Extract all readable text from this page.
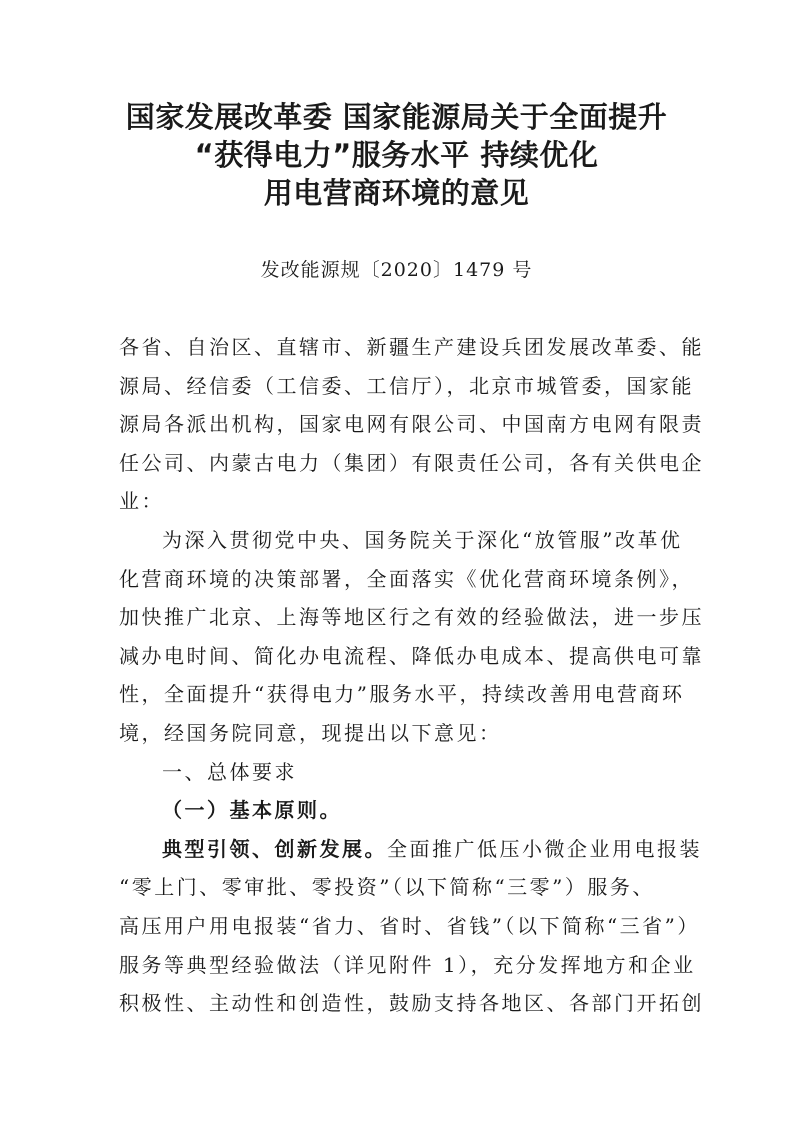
国家发展改革委 国家能源局关于全面提升
“获得电力”服务水平 持续优化
用电营商环境的意见
发改能源规〔2020〕1479 号
各省、自治区、直辖市、新疆生产建设兵团发展改革委、能
源局、经信委（工信委、工信厅），北京市城管委，国家能
源局各派出机构，国家电网有限公司、中国南方电网有限责
任公司、内蒙古电力（集团）有限责任公司，各有关供电企
业：
为深入贯彻党中央、国务院关于深化“放管服”改革优
化营商环境的决策部署，全面落实《优化营商环境条例》，
加快推广北京、上海等地区行之有效的经验做法，进一步压
减办电时间、简化办电流程、降低办电成本、提高供电可靠
性，全面提升“获得电力”服务水平，持续改善用电营商环
境，经国务院同意，现提出以下意见：
一、总体要求
（一）基本原则。
典型引领、创新发展。全面推广低压小微企业用电报装
“零上门、零审批、零投资”（以下简称“三零”）服务、
高压用户用电报装“省力、省时、省钱”（以下简称“三省”）
服务等典型经验做法（详见附件 1），充分发挥地方和企业
积极性、主动性和创造性，鼓励支持各地区、各部门开拓创
